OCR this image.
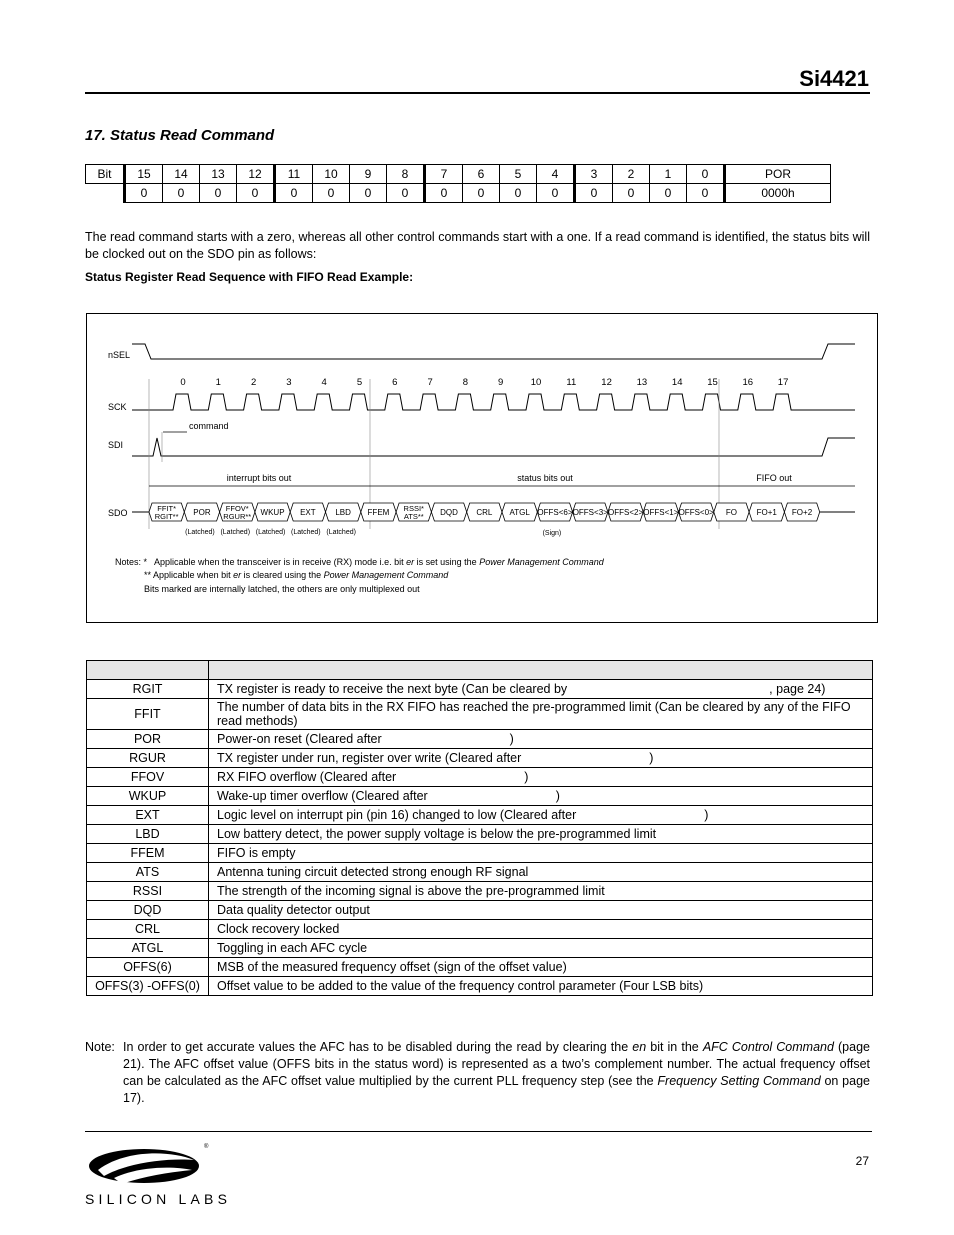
Si4421
17. Status Read Command
Bit	15	14	13	12	11	10	9	8	7	6	5	4	3	2	1	0	POR
	0	0	0	0	0	0	0	0	0	0	0	0	0	0	0	0	0000h
The read command starts with a zero, whereas all other control commands start with a one. If a read command is identified, the status bits will be clocked out on the SDO pin as follows:
Status Register Read Sequence with FIFO Read Example:
nSEL
SCK
SDI
SDO
0	1	2	3	4	5	6	7	8	9	10	11	12	13	14	15	16	17
command
interrupt bits out	status bits out	FIFO out
FFIT*
RGIT** POR FFOV*
RGUR** WKUP EXT LBD FFEM RSSI*
ATS** DQD CRL ATGL OFFS<6> OFFS<3> OFFS<2> OFFS<1> OFFS<0> FO FO+1 FO+2
(Latched) (Latched) (Latched) (Latched) (Latched)	(Sign)
Notes: * Applicable when the transceiver is in receive (RX) mode i.e. bit er is set using the Power Management Command
** Applicable when bit er is cleared using the Power Management Command
Bits marked are internally latched, the others are only multiplexed out

RGIT	TX register is ready to receive the next byte (Can be cleared by , page 24)
FFIT	The number of data bits in the RX FIFO has reached the pre-programmed limit (Can be cleared by any of the FIFO read methods)
POR	Power-on reset (Cleared after )
RGUR	TX register under run, register over write (Cleared after )
FFOV	RX FIFO overflow (Cleared after )
WKUP	Wake-up timer overflow (Cleared after )
EXT	Logic level on interrupt pin (pin 16) changed to low (Cleared after )
LBD	Low battery detect, the power supply voltage is below the pre-programmed limit
FFEM	FIFO is empty
ATS	Antenna tuning circuit detected strong enough RF signal
RSSI	The strength of the incoming signal is above the pre-programmed limit
DQD	Data quality detector output
CRL	Clock recovery locked
ATGL	Toggling in each AFC cycle
OFFS(6)	MSB of the measured frequency offset (sign of the offset value)
OFFS(3) -OFFS(0)	Offset value to be added to the value of the frequency control parameter (Four LSB bits)
Note: In order to get accurate values the AFC has to be disabled during the read by clearing the en bit in the AFC Control Command (page 21). The AFC offset value (OFFS bits in the status word) is represented as a two’s complement number. The actual frequency offset can be calculated as the AFC offset value multiplied by the current PLL frequency step (see the Frequency Setting Command on page 17).
®
SILICON LABS
27
